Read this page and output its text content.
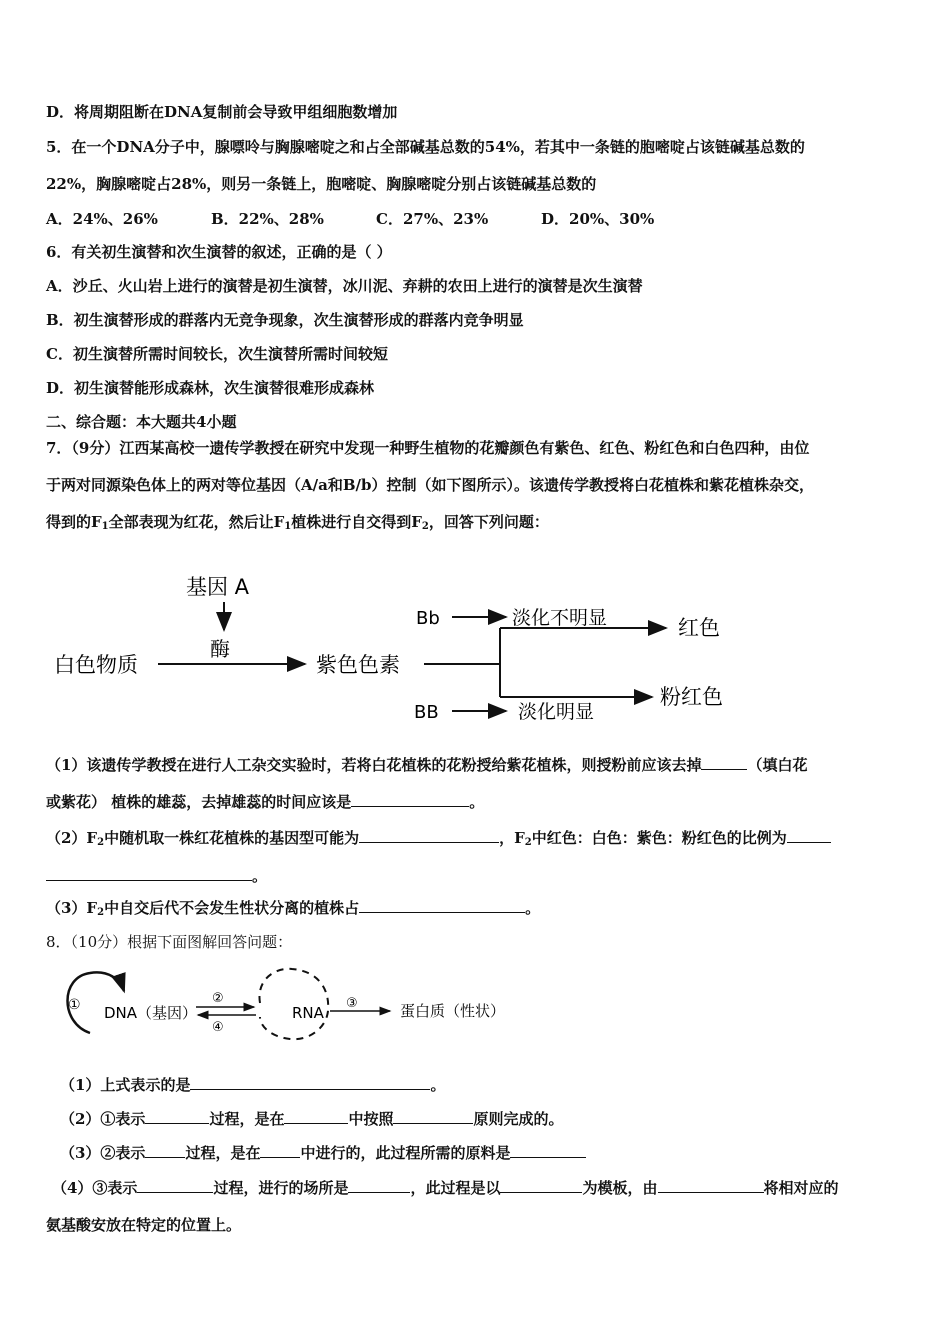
D．将周期阻断在DNA复制前会导致甲组细胞数增加
5．在一个DNA分子中，腺嘌呤与胸腺嘧啶之和占全部碱基总数的54%，若其中一条链的胞嘧啶占该链碱基总数的
22%，胸腺嘧啶占28%，则另一条链上，胞嘧啶、胸腺嘧啶分别占该链碱基总数的
A．24%、26%	B．22%、28%	C．27%、23%	D．20%、30%
6．有关初生演替和次生演替的叙述，正确的是（ ）
A．沙丘、火山岩上进行的演替是初生演替，冰川泥、弃耕的农田上进行的演替是次生演替
B．初生演替形成的群落内无竞争现象，次生演替形成的群落内竞争明显
C．初生演替所需时间较长，次生演替所需时间较短
D．初生演替能形成森林，次生演替很难形成森林
二、综合题：本大题共4小题
7．（9分）江西某高校一遗传学教授在研究中发现一种野生植物的花瓣颜色有紫色、红色、粉红色和白色四种，由位
于两对同源染色体上的两对等位基因（A/a和B/b）控制（如下图所示）。该遗传学教授将白花植株和紫花植株杂交，
得到的$F_1$全部表现为红花，然后让$F_1$植株进行自交得到$F_2$，回答下列问题：
基因 A
酶
白色物质	紫色色素
红色
粉红色
Bb	淡化不明显
BB	淡化明显
（1）该遗传学教授在进行人工杂交实验时，若将白花植株的花粉授给紫花植株，则授粉前应该去掉	（填白花
或紫花） 植株的雄蕊，去掉雄蕊的时间应该是	。
$(2)F_2$中随机取一株红花植株的基因型可能为	，$F_2$中红色：白色：紫色：粉红色的比例为
。
$(3)F_2$中自交后代不会发生性状分离的植株占	。
8．（10分）根据下面图解回答问题：
① DNA（基因）
②
④
RNA
③	蛋白质（性状）
（1）上式表示的是	。
（2）①表示	过程，是在	中按照	原则完成的。
（3）②表示	过程，是在	中进行的，此过程所需的原料是
（4）③表示	过程，进行的场所是	，此过程是以	为模板，由	将相对应的
氨基酸安放在特定的位置上。
